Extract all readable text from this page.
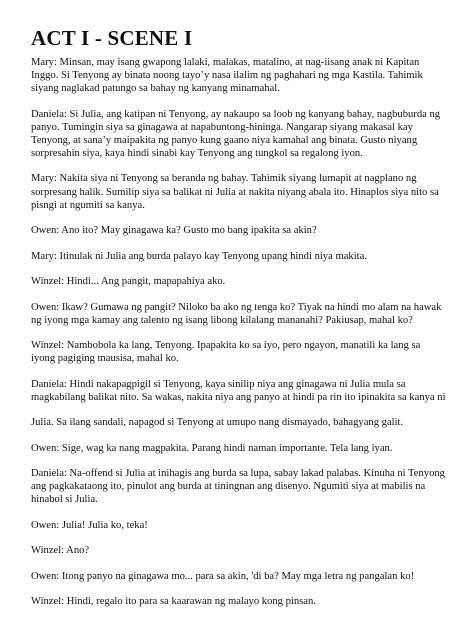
ACT I - SCENE I

Mary: Minsan, may isang gwapong lalaki, malakas, matalino, at nag-iisang anak ni Kapitan Inggo. Si Tenyong ay binata noong tayo’y nasa ilalim ng paghahari ng mga Kastila. Tahimik siyang naglakad patungo sa bahay ng kanyang minamahal.

Daniela: Si Julia, ang katipan ni Tenyong, ay nakaupo sa loob ng kanyang bahay, nagbuburda ng panyo. Tumingin siya sa ginagawa at napabuntong-hininga. Nangarap siyang makasal kay Tenyong, at sana’y maipakita ng panyo kung gaano niya kamahal ang binata. Gusto niyang sorpresahin siya, kaya hindi sinabi kay Tenyong ang tungkol sa regalong iyon.

Mary: Nakita siya ni Tenyong sa beranda ng bahay. Tahimik siyang lumapit at nagplano ng sorpresang halik. Sumilip siya sa balikat ni Julia at nakita niyang abala ito. Hinaplos siya nito sa pisngi at ngumiti sa kanya.

Owen: Ano ito? May ginagawa ka? Gusto mo bang ipakita sa akin?

Mary: Itinulak ni Julia ang burda palayo kay Tenyong upang hindi niya makita.

Winzel: Hindi... Ang pangit, mapapahiya ako.

Owen: Ikaw? Gumawa ng pangit? Niloko ba ako ng tenga ko? Tiyak na hindi mo alam na hawak ng iyong mga kamay ang talento ng isang libong kilalang mananahi? Pakiusap, mahal ko?

Winzel: Nambobola ka lang, Tenyong. Ipapakita ko sa iyo, pero ngayon, manatili ka lang sa iyong pagiging mausisa, mahal ko.

Daniela: Hindi nakapagpigil si Tenyong, kaya sinilip niya ang ginagawa ni Julia mula sa magkabilang balikat nito. Sa wakas, nakita niya ang panyo at hindi pa rin ito ipinakita sa kanya ni

Julia. Sa ilang sandali, napagod si Tenyong at umupo nang dismayado, bahagyang galit.

Owen: Sige, wag ka nang magpakita. Parang hindi naman importante. Tela lang iyan.

Daniela: Na-offend si Julia at inihagis ang burda sa lupa, sabay lakad palabas. Kinuha ni Tenyong ang pagkakataong ito, pinulot ang burda at tiningnan ang disenyo. Ngumiti siya at mabilis na hinabol si Julia.

Owen: Julia! Julia ko, teka!

Winzel: Ano?

Owen: Itong panyo na ginagawa mo... para sa akin, 'di ba? May mga letra ng pangalan ko!

Winzel: Hindi, regalo ito para sa kaarawan ng malayo kong pinsan.
